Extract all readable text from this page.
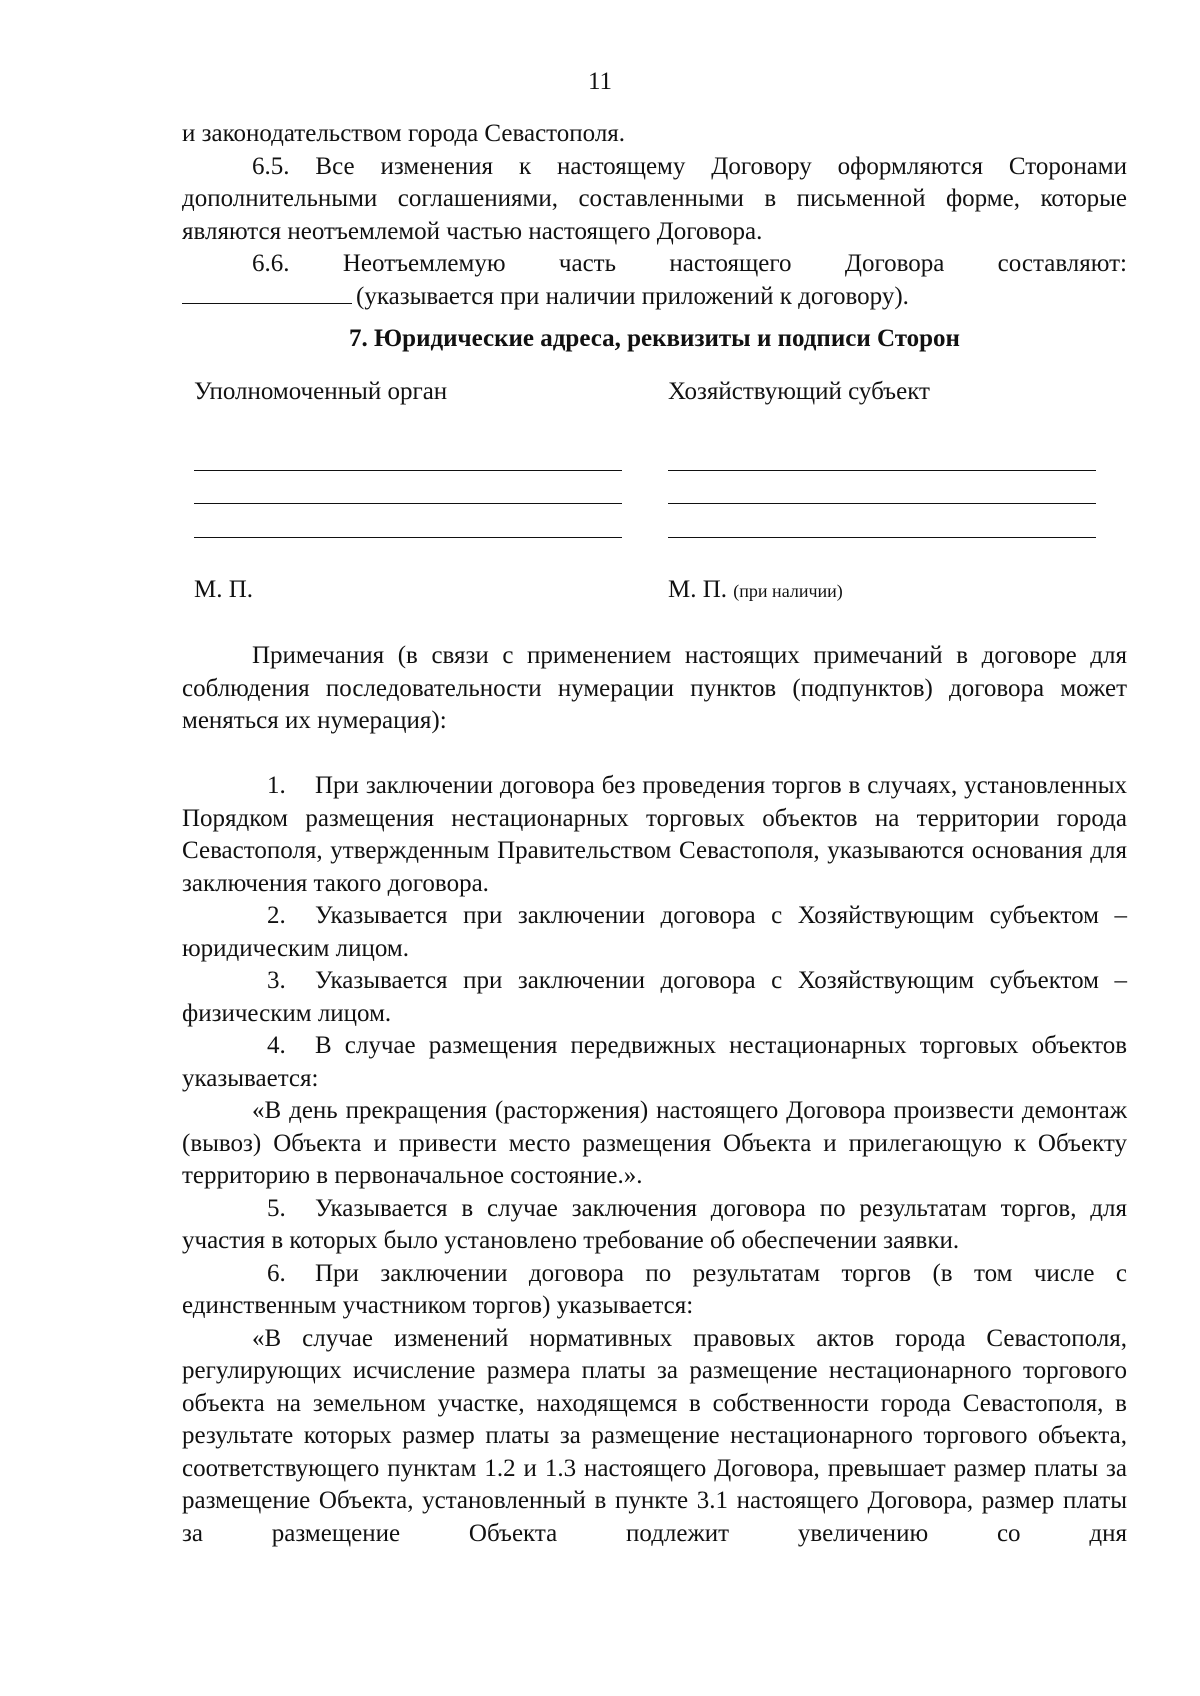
11

и законодательством города Севастополя.

6.5. Все изменения к настоящему Договору оформляются Сторонами дополнительными соглашениями, составленными в письменной форме, которые являются неотъемлемой частью настоящего Договора.

6.6. Неотъемлемую часть настоящего Договора составляют:

(указывается при наличии приложений к договору).

7. Юридические адреса, реквизиты и подписи Сторон
Уполномоченный орган	Хозяйствующий субъект
М. П.	М. П. (при наличии)

Примечания (в связи с применением настоящих примечаний в договоре для соблюдения последовательности нумерации пунктов (подпунктов) договора может меняться их нумерация):

1. При заключении договора без проведения торгов в случаях, установленных Порядком размещения нестационарных торговых объектов на территории города Севастополя, утвержденным Правительством Севастополя, указываются основания для заключения такого договора.

2. Указывается при заключении договора с Хозяйствующим субъектом – юридическим лицом.

3. Указывается при заключении договора с Хозяйствующим субъектом – физическим лицом.

4. В случае размещения передвижных нестационарных торговых объектов указывается:

«В день прекращения (расторжения) настоящего Договора произвести демонтаж (вывоз) Объекта и привести место размещения Объекта и прилегающую к Объекту территорию в первоначальное состояние.».

5. Указывается в случае заключения договора по результатам торгов, для участия в которых было установлено требование об обеспечении заявки.

6. При заключении договора по результатам торгов (в том числе с единственным участником торгов) указывается:

«В случае изменений нормативных правовых актов города Севастополя, регулирующих исчисление размера платы за размещение нестационарного торгового объекта на земельном участке, находящемся в собственности города Севастополя, в результате которых размер платы за размещение нестационарного торгового объекта, соответствующего пунктам 1.2 и 1.3 настоящего Договора, превышает размер платы за размещение Объекта, установленный в пункте 3.1 настоящего Договора, размер платы за размещение Объекта подлежит увеличению со дня
